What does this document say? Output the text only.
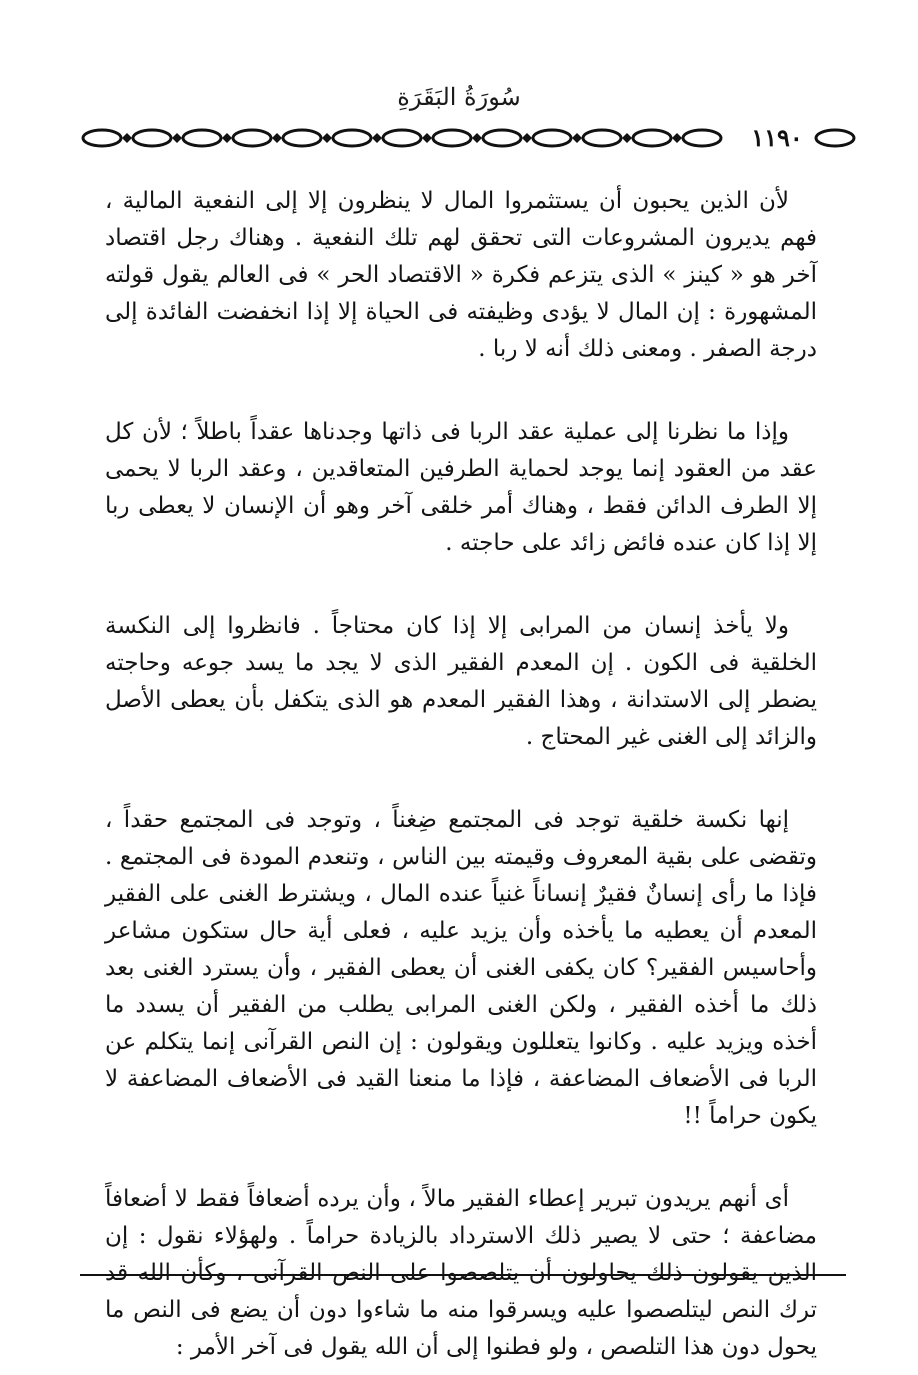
سُورَةُ البَقَرَةِ
١١٩٠

لأن الذين يحبون أن يستثمروا المال لا ينظرون إلا إلى النفعية المالية ، فهم يديرون المشروعات التى تحقق لهم تلك النفعية . وهناك رجل اقتصاد آخر هو « كينز » الذى يتزعم فكرة « الاقتصاد الحر » فى العالم يقول قولته المشهورة : إن المال لا يؤدى وظيفته فى الحياة إلا إذا انخفضت الفائدة إلى درجة الصفر . ومعنى ذلك أنه لا ربا .

وإذا ما نظرنا إلى عملية عقد الربا فى ذاتها وجدناها عقداً باطلاً ؛ لأن كل عقد من العقود إنما يوجد لحماية الطرفين المتعاقدين ، وعقد الربا لا يحمى إلا الطرف الدائن فقط ، وهناك أمر خلقى آخر وهو أن الإنسان لا يعطى ربا إلا إذا كان عنده فائض زائد على حاجته .

ولا يأخذ إنسان من المرابى إلا إذا كان محتاجاً . فانظروا إلى النكسة الخلقية فى الكون . إن المعدم الفقير الذى لا يجد ما يسد جوعه وحاجته يضطر إلى الاستدانة ، وهذا الفقير المعدم هو الذى يتكفل بأن يعطى الأصل والزائد إلى الغنى غير المحتاج .

إنها نكسة خلقية توجد فى المجتمع ضِغناً ، وتوجد فى المجتمع حقداً ، وتقضى على بقية المعروف وقيمته بين الناس ، وتنعدم المودة فى المجتمع . فإذا ما رأى إنسانٌ فقيرٌ إنساناً غنياً عنده المال ، ويشترط الغنى على الفقير المعدم أن يعطيه ما يأخذه وأن يزيد عليه ، فعلى أية حال ستكون مشاعر وأحاسيس الفقير؟ كان يكفى الغنى أن يعطى الفقير ، وأن يسترد الغنى بعد ذلك ما أخذه الفقير ، ولكن الغنى المرابى يطلب من الفقير أن يسدد ما أخذه ويزيد عليه . وكانوا يتعللون ويقولون : إن النص القرآنى إنما يتكلم عن الربا فى الأضعاف المضاعفة ، فإذا ما منعنا القيد فى الأضعاف المضاعفة لا يكون حراماً !!

أى أنهم يريدون تبرير إعطاء الفقير مالاً ، وأن يرده أضعافاً فقط لا أضعافاً مضاعفة ؛ حتى لا يصير ذلك الاسترداد بالزيادة حراماً . ولهؤلاء نقول : إن الذين يقولون ذلك يحاولون أن يتلصصوا على النص القرآنى ، وكأن الله قد ترك النص ليتلصصوا عليه ويسرقوا منه ما شاءوا دون أن يضع فى النص ما يحول دون هذا التلصص ، ولو فطنوا إلى أن الله يقول فى آخر الأمر :
